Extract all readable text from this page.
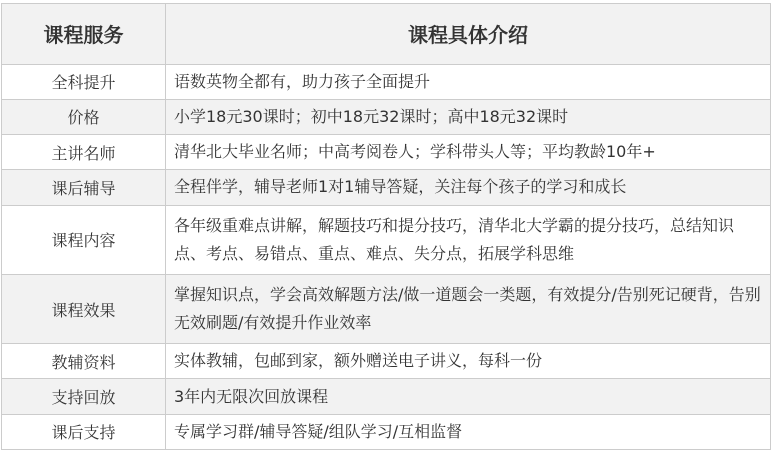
课程服务	课程具体介绍
全科提升	语数英物全都有，助力孩子全面提升
价格	小学18元30课时；初中18元32课时；高中18元32课时
主讲名师	清华北大毕业名师；中高考阅卷人；学科带头人等；平均教龄10年+
课后辅导	全程伴学，辅导老师1对1辅导答疑，关注每个孩子的学习和成长
课程内容	各年级重难点讲解，解题技巧和提分技巧，清华北大学霸的提分技巧，总结知识点、考点、易错点、重点、难点、失分点，拓展学科思维
课程效果	掌握知识点，学会高效解题方法/做一道题会一类题，有效提分/告别死记硬背，告别无效刷题/有效提升作业效率
教辅资料	实体教辅，包邮到家，额外赠送电子讲义，每科一份
支持回放	3年内无限次回放课程
课后支持	专属学习群/辅导答疑/组队学习/互相监督
